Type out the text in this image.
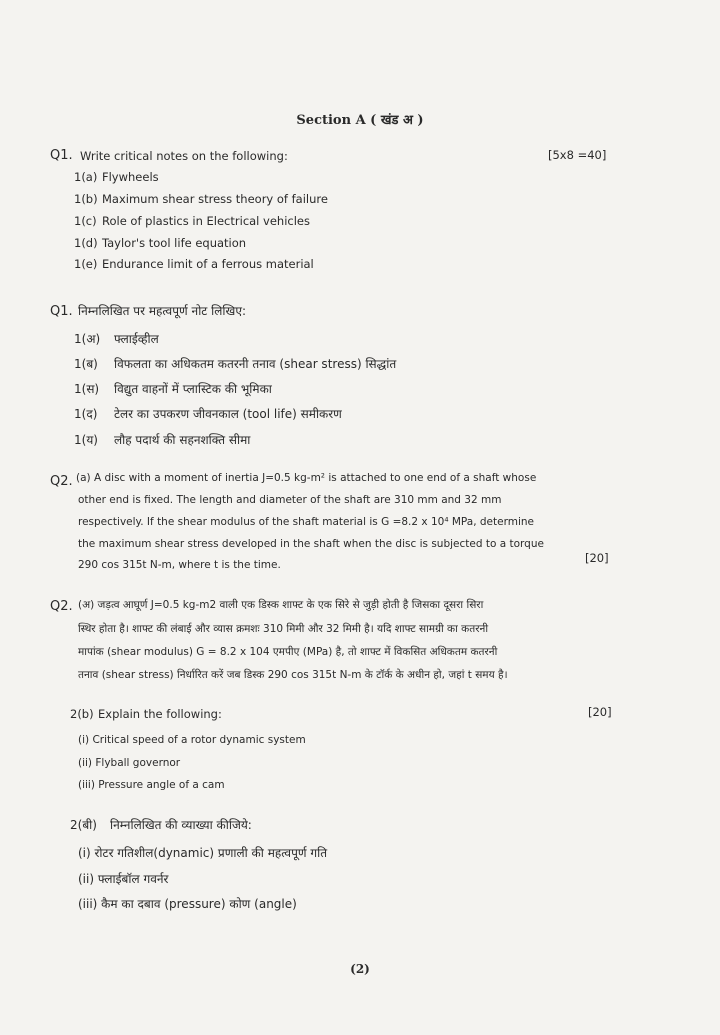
Section A ( खंड अ )
Q1. Write critical notes on the following:	[5x8 =40]
1(a) Flywheels
1(b) Maximum shear stress theory of failure
1(c) Role of plastics in Electrical vehicles
1(d) Taylor's tool life equation
1(e) Endurance limit of a ferrous material
Q1. निम्नलिखित पर महत्वपूर्ण नोट लिखिए:
1(अ) फ्लाईव्हील
1(ब) विफलता का अधिकतम कतरनी तनाव (shear stress) सिद्धांत
1(स) विद्युत वाहनों में प्लास्टिक की भूमिका
1(द) टेलर का उपकरण जीवनकाल (tool life) समीकरण
1(य) लौह पदार्थ की सहनशक्ति सीमा
Q2. (a) A disc with a moment of inertia J=0.5 kg-m² is attached to one end of a shaft whose
other end is fixed. The length and diameter of the shaft are 310 mm and 32 mm
respectively. If the shear modulus of the shaft material is G =8.2 x 10⁴ MPa, determine
the maximum shear stress developed in the shaft when the disc is subjected to a torque
290 cos 315t N-m, where t is the time.	[20]
Q2. (अ) जड़त्व आघूर्ण J=0.5 kg-m2 वाली एक डिस्क शाफ्ट के एक सिरे से जुड़ी होती है जिसका दूसरा सिरा
स्थिर होता है। शाफ्ट की लंबाई और व्यास क्रमशः 310 मिमी और 32 मिमी है। यदि शाफ्ट सामग्री का कतरनी
मापांक (shear modulus) G = 8.2 x 104 एमपीए (MPa) है, तो शाफ्ट में विकसित अधिकतम कतरनी
तनाव (shear stress) निर्धारित करें जब डिस्क 290 cos 315t N-m के टॉर्क के अधीन हो, जहां t समय है।
2(b) Explain the following:	[20]
(i) Critical speed of a rotor dynamic system
(ii) Flyball governor
(iii) Pressure angle of a cam
2(बी) निम्नलिखित की व्याख्या कीजिये:
(i) रोटर गतिशील(dynamic) प्रणाली की महत्वपूर्ण गति
(ii) फ्लाईबॉल गवर्नर
(iii) कैम का दबाव (pressure) कोण (angle)
(2)
